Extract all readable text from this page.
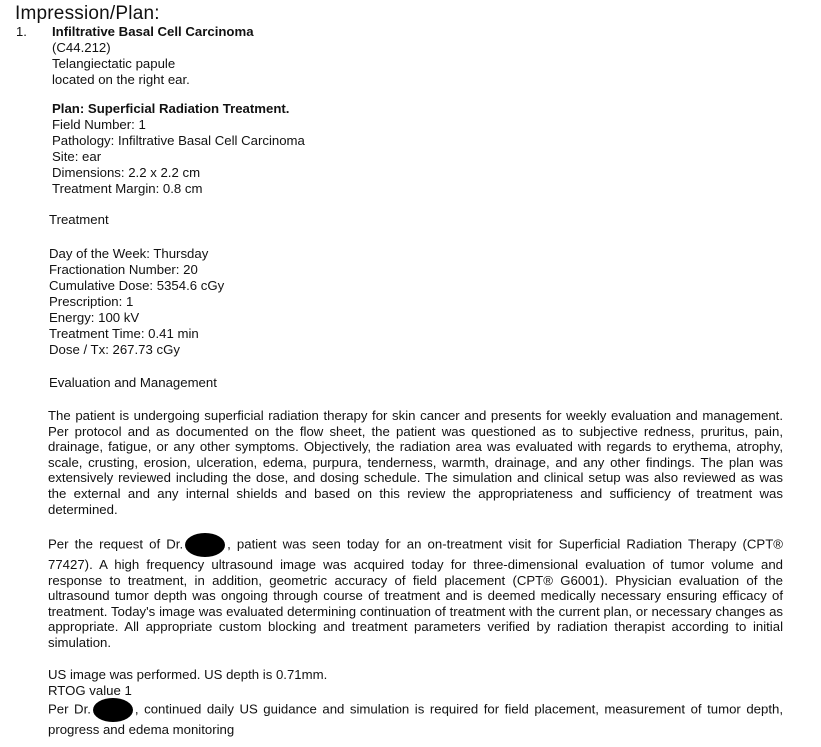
Impression/Plan:
1. Infiltrative Basal Cell Carcinoma
(C44.212)
Telangiectatic papule
located on the right ear.
Plan: Superficial Radiation Treatment.
Field Number: 1
Pathology: Infiltrative Basal Cell Carcinoma
Site: ear
Dimensions: 2.2 x 2.2 cm
Treatment Margin: 0.8 cm
Treatment
Day of the Week: Thursday
Fractionation Number: 20
Cumulative Dose: 5354.6 cGy
Prescription: 1
Energy: 100 kV
Treatment Time: 0.41 min
Dose / Tx: 267.73 cGy
Evaluation and Management
The patient is undergoing superficial radiation therapy for skin cancer and presents for weekly evaluation and management. Per protocol and as documented on the flow sheet, the patient was questioned as to subjective redness, pruritus, pain, drainage, fatigue, or any other symptoms. Objectively, the radiation area was evaluated with regards to erythema, atrophy, scale, crusting, erosion, ulceration, edema, purpura, tenderness, warmth, drainage, and any other findings. The plan was extensively reviewed including the dose, and dosing schedule. The simulation and clinical setup was also reviewed as was the external and any internal shields and based on this review the appropriateness and sufficiency of treatment was determined.
Per the request of Dr.	, patient was seen today for an on-treatment visit for Superficial Radiation Therapy (CPT® 77427). A high frequency ultrasound image was acquired today for three-dimensional evaluation of tumor volume and response to treatment, in addition, geometric accuracy of field placement (CPT® G6001). Physician evaluation of the ultrasound tumor depth was ongoing through course of treatment and is deemed medically necessary ensuring efficacy of treatment. Today's image was evaluated determining continuation of treatment with the current plan, or necessary changes as appropriate. All appropriate custom blocking and treatment parameters verified by radiation therapist according to initial simulation.
US image was performed. US depth is 0.71mm.
RTOG value 1
Per Dr.	, continued daily US guidance and simulation is required for field placement, measurement of tumor depth, progress and edema monitoring
